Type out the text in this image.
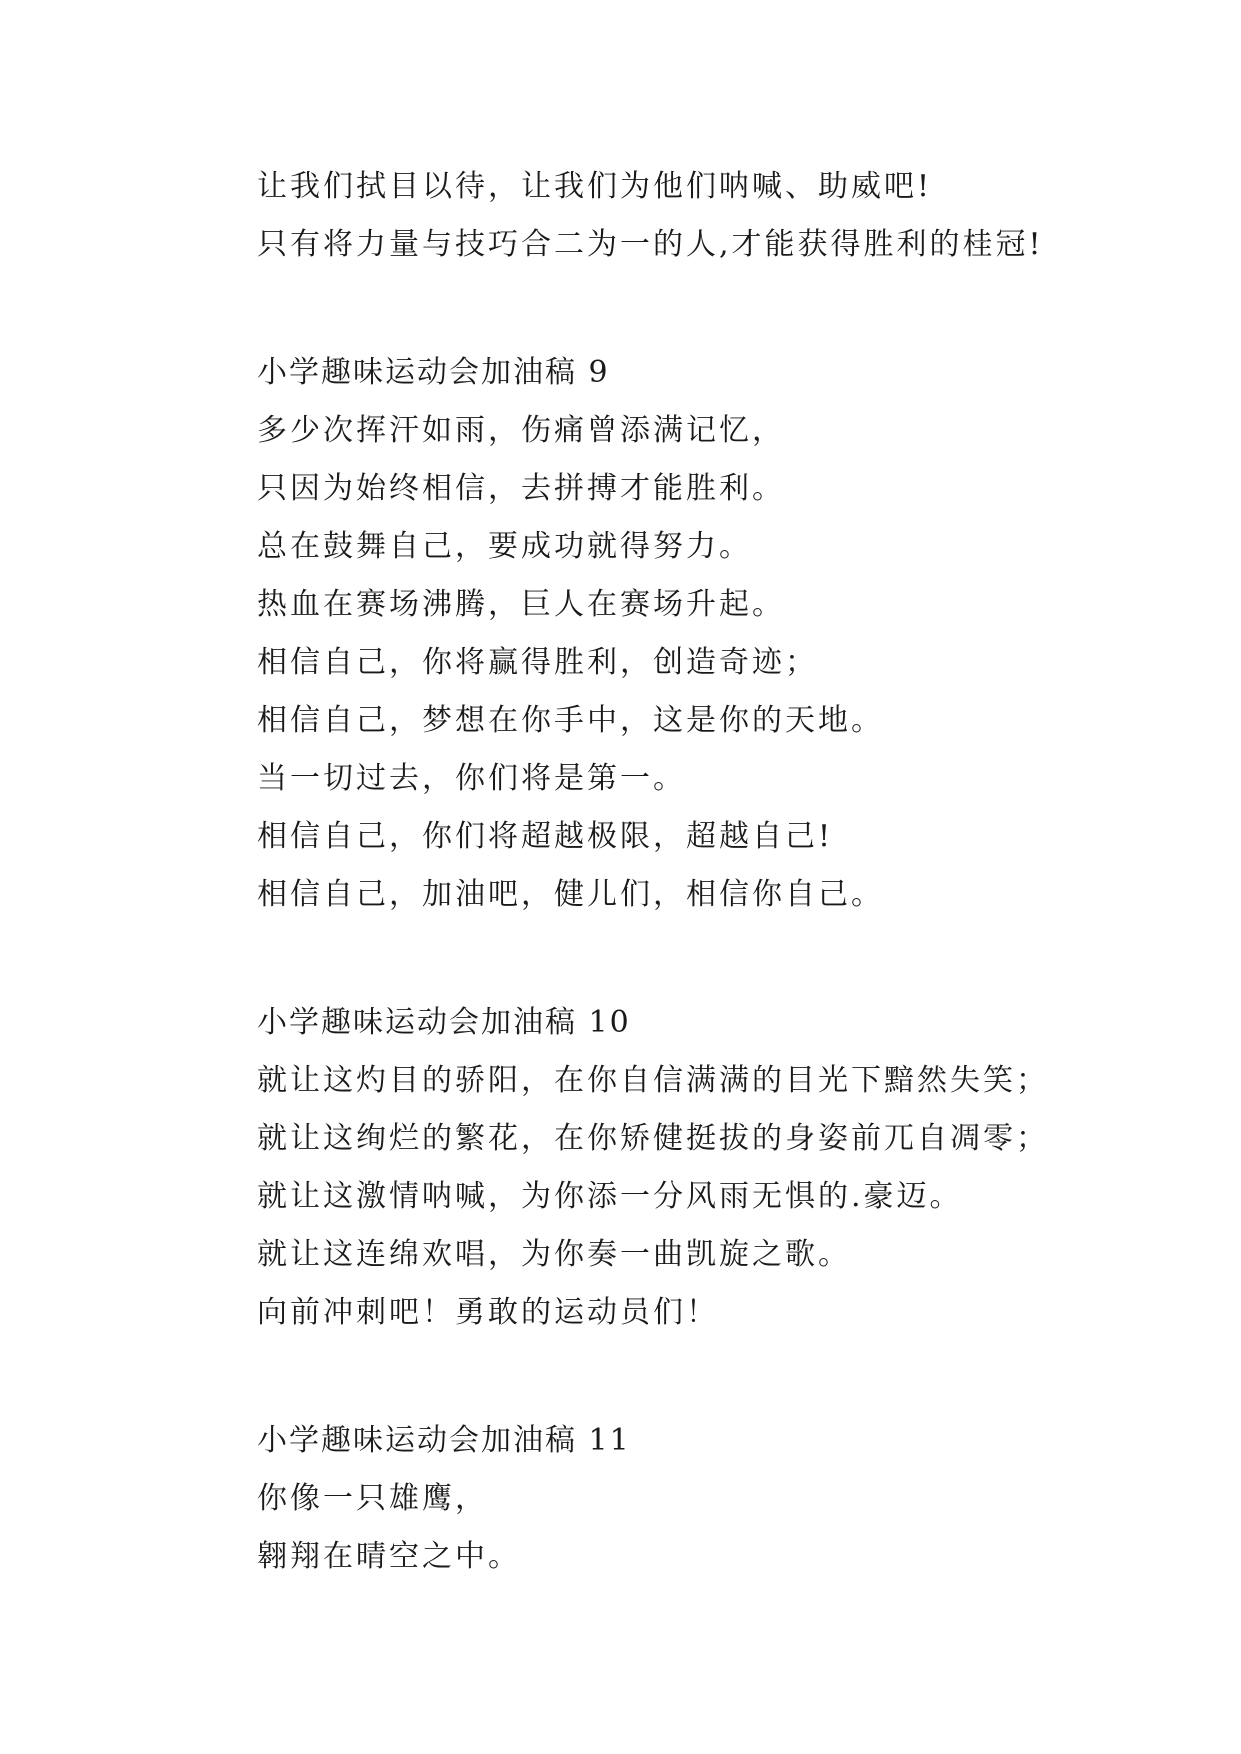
让我们拭目以待，让我们为他们呐喊、助威吧!
只有将力量与技巧合二为一的人,才能获得胜利的桂冠!
小学趣味运动会加油稿 9
多少次挥汗如雨，伤痛曾添满记忆，
只因为始终相信，去拼搏才能胜利。
总在鼓舞自己，要成功就得努力。
热血在赛场沸腾，巨人在赛场升起。
相信自己，你将赢得胜利，创造奇迹；
相信自己，梦想在你手中，这是你的天地。
当一切过去，你们将是第一。
相信自己，你们将超越极限，超越自己!
相信自己，加油吧，健儿们，相信你自己。
小学趣味运动会加油稿 10
就让这灼目的骄阳，在你自信满满的目光下黯然失笑；
就让这绚烂的繁花，在你矫健挺拔的身姿前兀自凋零；
就让这激情呐喊，为你添一分风雨无惧的.豪迈。
就让这连绵欢唱，为你奏一曲凯旋之歌。
向前冲刺吧！勇敢的运动员们！
小学趣味运动会加油稿 11
你像一只雄鹰，
翱翔在晴空之中。
